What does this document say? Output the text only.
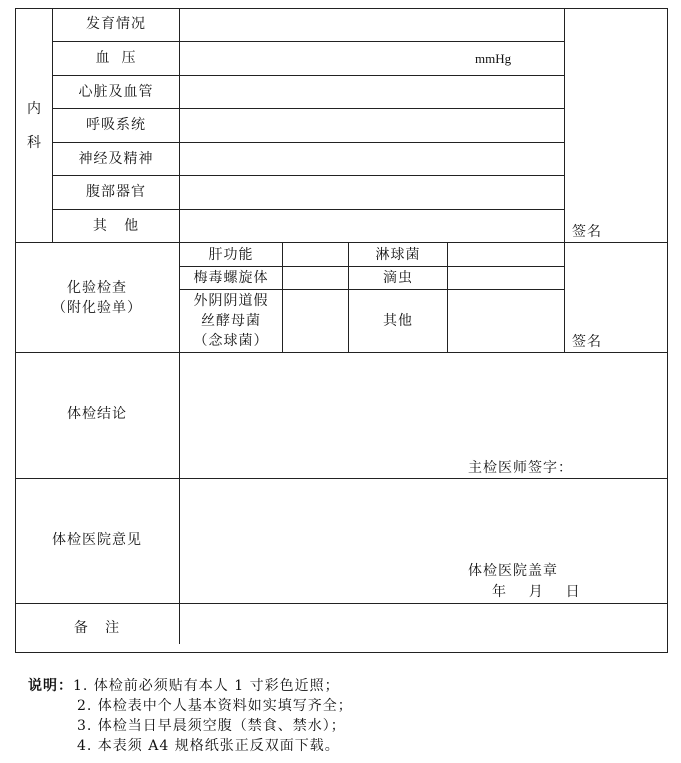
内科
发育情况
血  压
心脏及血管
呼吸系统
神经及精神
腹部器官
其   他
mmHg
签名
化验检查
（附化验单）
肝功能	淋球菌
梅毒螺旋体	滴虫
外阴阴道假
丝酵母菌
（念球菌）
其他
签名
体检结论
主检医师签字：
体检医院意见
体检医院盖章
年    月    日
备   注
说明：1. 体检前必须贴有本人 1 寸彩色近照；
2. 体检表中个人基本资料如实填写齐全；
3. 体检当日早晨须空腹（禁食、禁水）；
4. 本表须 A4 规格纸张正反双面下载。
